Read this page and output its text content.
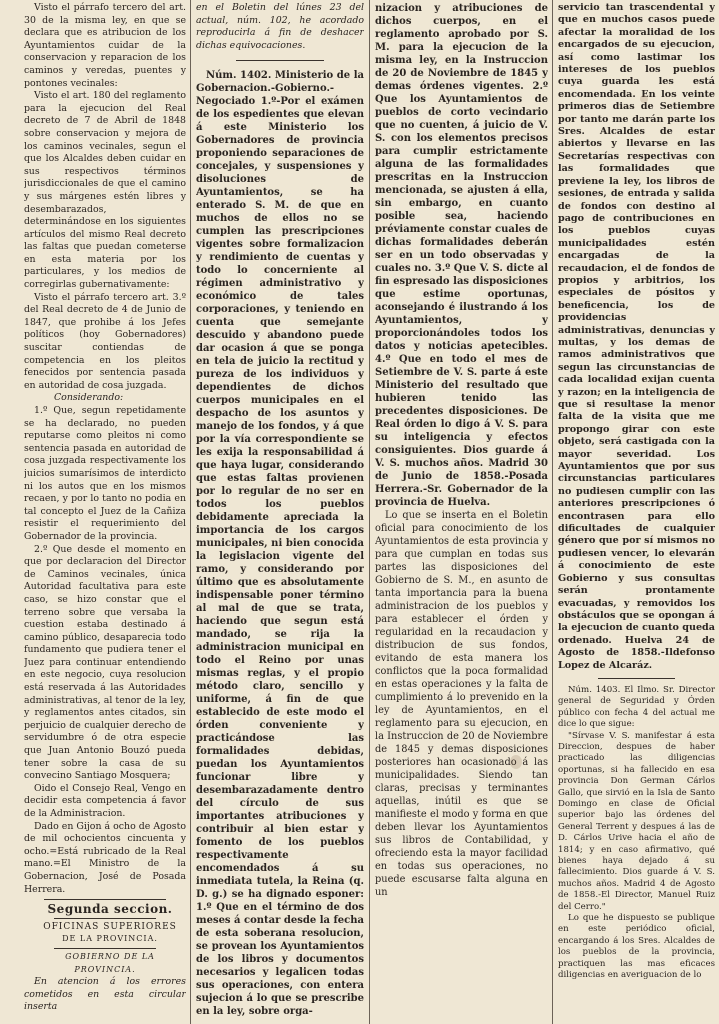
Visto el párrafo tercero del art. 30 de la misma ley, en que se declara que es atribucion de los Ayuntamientos cuidar de la conservacion y reparacion de los caminos y veredas, puentes y pontones vecinales:

Visto el art. 180 del reglamento para la ejecucion del Real decreto de 7 de Abril de 1848 sobre conservacion y mejora de los caminos vecinales, segun el que los Alcaldes deben cuidar en sus respectivos términos jurisdiccionales de que el camino y sus márgenes estén libres y desembarazados, determinándose en los siguientes artículos del mismo Real decreto las faltas que puedan cometerse en esta materia por los particulares, y los medios de corregirlas gubernativamente:

Visto el párrafo tercero art. 3.º del Real decreto de 4 de Junio de 1847, que prohibe á los Jefes políticos (hoy Gobernadores) suscitar contiendas de competencia en los pleitos fenecidos por sentencia pasada en autoridad de cosa juzgada.

Considerando:

1.º Que, segun repetidamente se ha declarado, no pueden reputarse como pleitos ni como sentencia pasada en autoridad de cosa juzgada respectivamente los juicios sumarísimos de interdicto ni los autos que en los mismos recaen, y por lo tanto no podia en tal concepto el Juez de la Cañiza resistir el requerimiento del Gobernador de la provincia.

2.º Que desde el momento en que por declaracion del Director de Caminos vecinales, única Autoridad facultativa para este caso, se hizo constar que el terreno sobre que versaba la cuestion estaba destinado á camino público, desaparecia todo fundamento que pudiera tener el Juez para continuar entendiendo en este negocio, cuya resolucion está reservada á las Autoridades administrativas, al tenor de la ley, y reglamentos antes citados, sin perjuicio de cualquier derecho de servidumbre ó de otra especie que Juan Antonio Bouzó pueda tener sobre la casa de su convecino Santiago Mosquera;

Oido el Consejo Real, Vengo en decidir esta competencia á favor de la Administracion.

Dado en Gijon á ocho de Agosto de mil ochocientos cincuenta y ocho.=Está rubricado de la Real mano.=El Ministro de la Gobernacion, José de Posada Herrera.

Segunda seccion.

OFICINAS SUPERIORES

DE LA PROVINCIA.

GOBIERNO DE LA PROVINCIA.

En atencion á los errores cometidos en esta circular inserta

en el Boletin del lúnes 23 del actual, núm. 102, he acordado reproducirla á fin de deshacer dichas equivocaciones.

Núm. 1402. Ministerio de la Gobernacion.-Gobierno.-Negociado 1.º-Por el exámen de los espedientes que elevan á este Ministerio los Gobernadores de provincia proponiendo separaciones de concejales, y suspensiones y disoluciones de Ayuntamientos, se ha enterado S. M. de que en muchos de ellos no se cumplen las prescripciones vigentes sobre formalizacion y rendimiento de cuentas y todo lo concerniente al régimen administrativo y económico de tales corporaciones, y teniendo en cuenta que semejante descuido y abandono puede dar ocasion á que se ponga en tela de juicio la rectitud y pureza de los individuos y dependientes de dichos cuerpos municipales en el despacho de los asuntos y manejo de los fondos, y á que por la vía correspondiente se les exija la responsabilidad á que haya lugar, considerando que estas faltas provienen por lo regular de no ser en todos los pueblos debidamente apreciada la importancia de los cargos municipales, ni bien conocida la legislacion vigente del ramo, y considerando por último que es absolutamente indispensable poner término al mal de que se trata, haciendo que segun está mandado, se rija la administracion municipal en todo el Reino por unas mismas reglas, y el propio método claro, sencillo y uniforme, á fin de que establecido de este modo el órden conveniente y practicándose las formalidades debidas, puedan los Ayuntamientos funcionar libre y desembarazadamente dentro del círculo de sus importantes atribuciones y contribuir al bien estar y fomento de los pueblos respectivamente encomendados á su inmediata tutela, la Reina (q. D. g.) se ha dignado esponer: 1.º Que en el término de dos meses á contar desde la fecha de esta soberana resolucion, se provean los Ayuntamientos de los libros y documentos necesarios y legalicen todas sus operaciones, con entera sujecion á lo que se prescribe en la ley, sobre orga-

nizacion y atribuciones de dichos cuerpos, en el reglamento aprobado por S. M. para la ejecucion de la misma ley, en la Instruccion de 20 de Noviembre de 1845 y demas órdenes vigentes. 2.º Que los Ayuntamientos de pueblos de corto vecindario que no cuenten, á juicio de V. S. con los elementos precisos para cumplir estrictamente alguna de las formalidades prescritas en la Instruccion mencionada, se ajusten á ella, sin embargo, en cuanto posible sea, haciendo préviamente constar cuales de dichas formalidades deberán ser en un todo observadas y cuales no. 3.º Que V. S. dicte al fin espresado las disposiciones que estime oportunas, aconsejando é ilustrando á los Ayuntamientos, y proporcionándoles todos los datos y noticias apetecibles. 4.º Que en todo el mes de Setiembre de V. S. parte á este Ministerio del resultado que hubieren tenido las precedentes disposiciones. De Real órden lo digo á V. S. para su inteligencia y efectos consiguientes. Dios guarde á V. S. muchos años. Madrid 30 de Junio de 1858.-Posada Herrera.-Sr. Gobernador de la provincia de Huelva.

Lo que se inserta en el Boletin oficial para conocimiento de los Ayuntamientos de esta provincia y para que cumplan en todas sus partes las disposiciones del Gobierno de S. M., en asunto de tanta importancia para la buena administracion de los pueblos y para establecer el órden y regularidad en la recaudacion y distribucion de sus fondos, evitando de esta manera los conflictos que la poca formalidad en estas operaciones y la falta de cumplimiento á lo prevenido en la ley de Ayuntamientos, en el reglamento para su ejecucion, en la Instruccion de 20 de Noviembre de 1845 y demas disposiciones posteriores han ocasionado á las municipalidades. Siendo tan claras, precisas y terminantes aquellas, inútil es que se manifieste el modo y forma en que deben llevar los Ayuntamientos sus libros de Contabilidad, y ofreciendo esta la mayor facilidad en todas sus operaciones, no puede escusarse falta alguna en un

servicio tan trascendental y que en muchos casos puede afectar la moralidad de los encargados de su ejecucion, así como lastimar los intereses de los pueblos cuya guarda les está encomendada. En los veinte primeros dias de Setiembre por tanto me darán parte los Sres. Alcaldes de estar abiertos y llevarse en las Secretarías respectivas con las formalidades que previene la ley, los libros de sesiones, de entrada y salida de fondos con destino al pago de contribuciones en los pueblos cuyas municipalidades estén encargadas de la recaudacion, el de fondos de propios y arbitrios, los especiales de pósitos y beneficencia, los de providencias administrativas, denuncias y multas, y los demas de ramos administrativos que segun las circunstancias de cada localidad exijan cuenta y razon; en la inteligencia de que si resultase la menor falta de la visita que me propongo girar con este objeto, será castigada con la mayor severidad. Los Ayuntamientos que por sus circunstancias particulares no pudiesen cumplir con las anteriores prescripciones ó encontrasen para ello dificultades de cualquier género que por sí mismos no pudiesen vencer, lo elevarán á conocimiento de este Gobierno y sus consultas serán prontamente evacuadas, y removidos los obstáculos que se opongan á la ejecucion de cuanto queda ordenado. Huelva 24 de Agosto de 1858.-Ildefonso Lopez de Alcaráz.

Núm. 1403. El Ilmo. Sr. Director general de Seguridad y Órden público con fecha 4 del actual me dice lo que sigue:

"Sírvase V. S. manifestar á esta Direccion, despues de haber practicado las diligencias oportunas, si ha fallecido en esa provincia Don German Cárlos Gallo, que sirvió en la Isla de Santo Domingo en clase de Oficial superior bajo las órdenes del General Terrent y despues á las de D. Cárlos Urive hacia el año de 1814; y en caso afirmativo, qué bienes haya dejado á su fallecimiento. Dios guarde á V. S. muchos años. Madrid 4 de Agosto de 1858.-El Director, Manuel Ruiz del Cerro."

Lo que he dispuesto se publique en este periódico oficial, encargando á los Sres. Alcaldes de los pueblos de la provincia, practiquen las mas eficaces diligencias en averiguacion de lo
